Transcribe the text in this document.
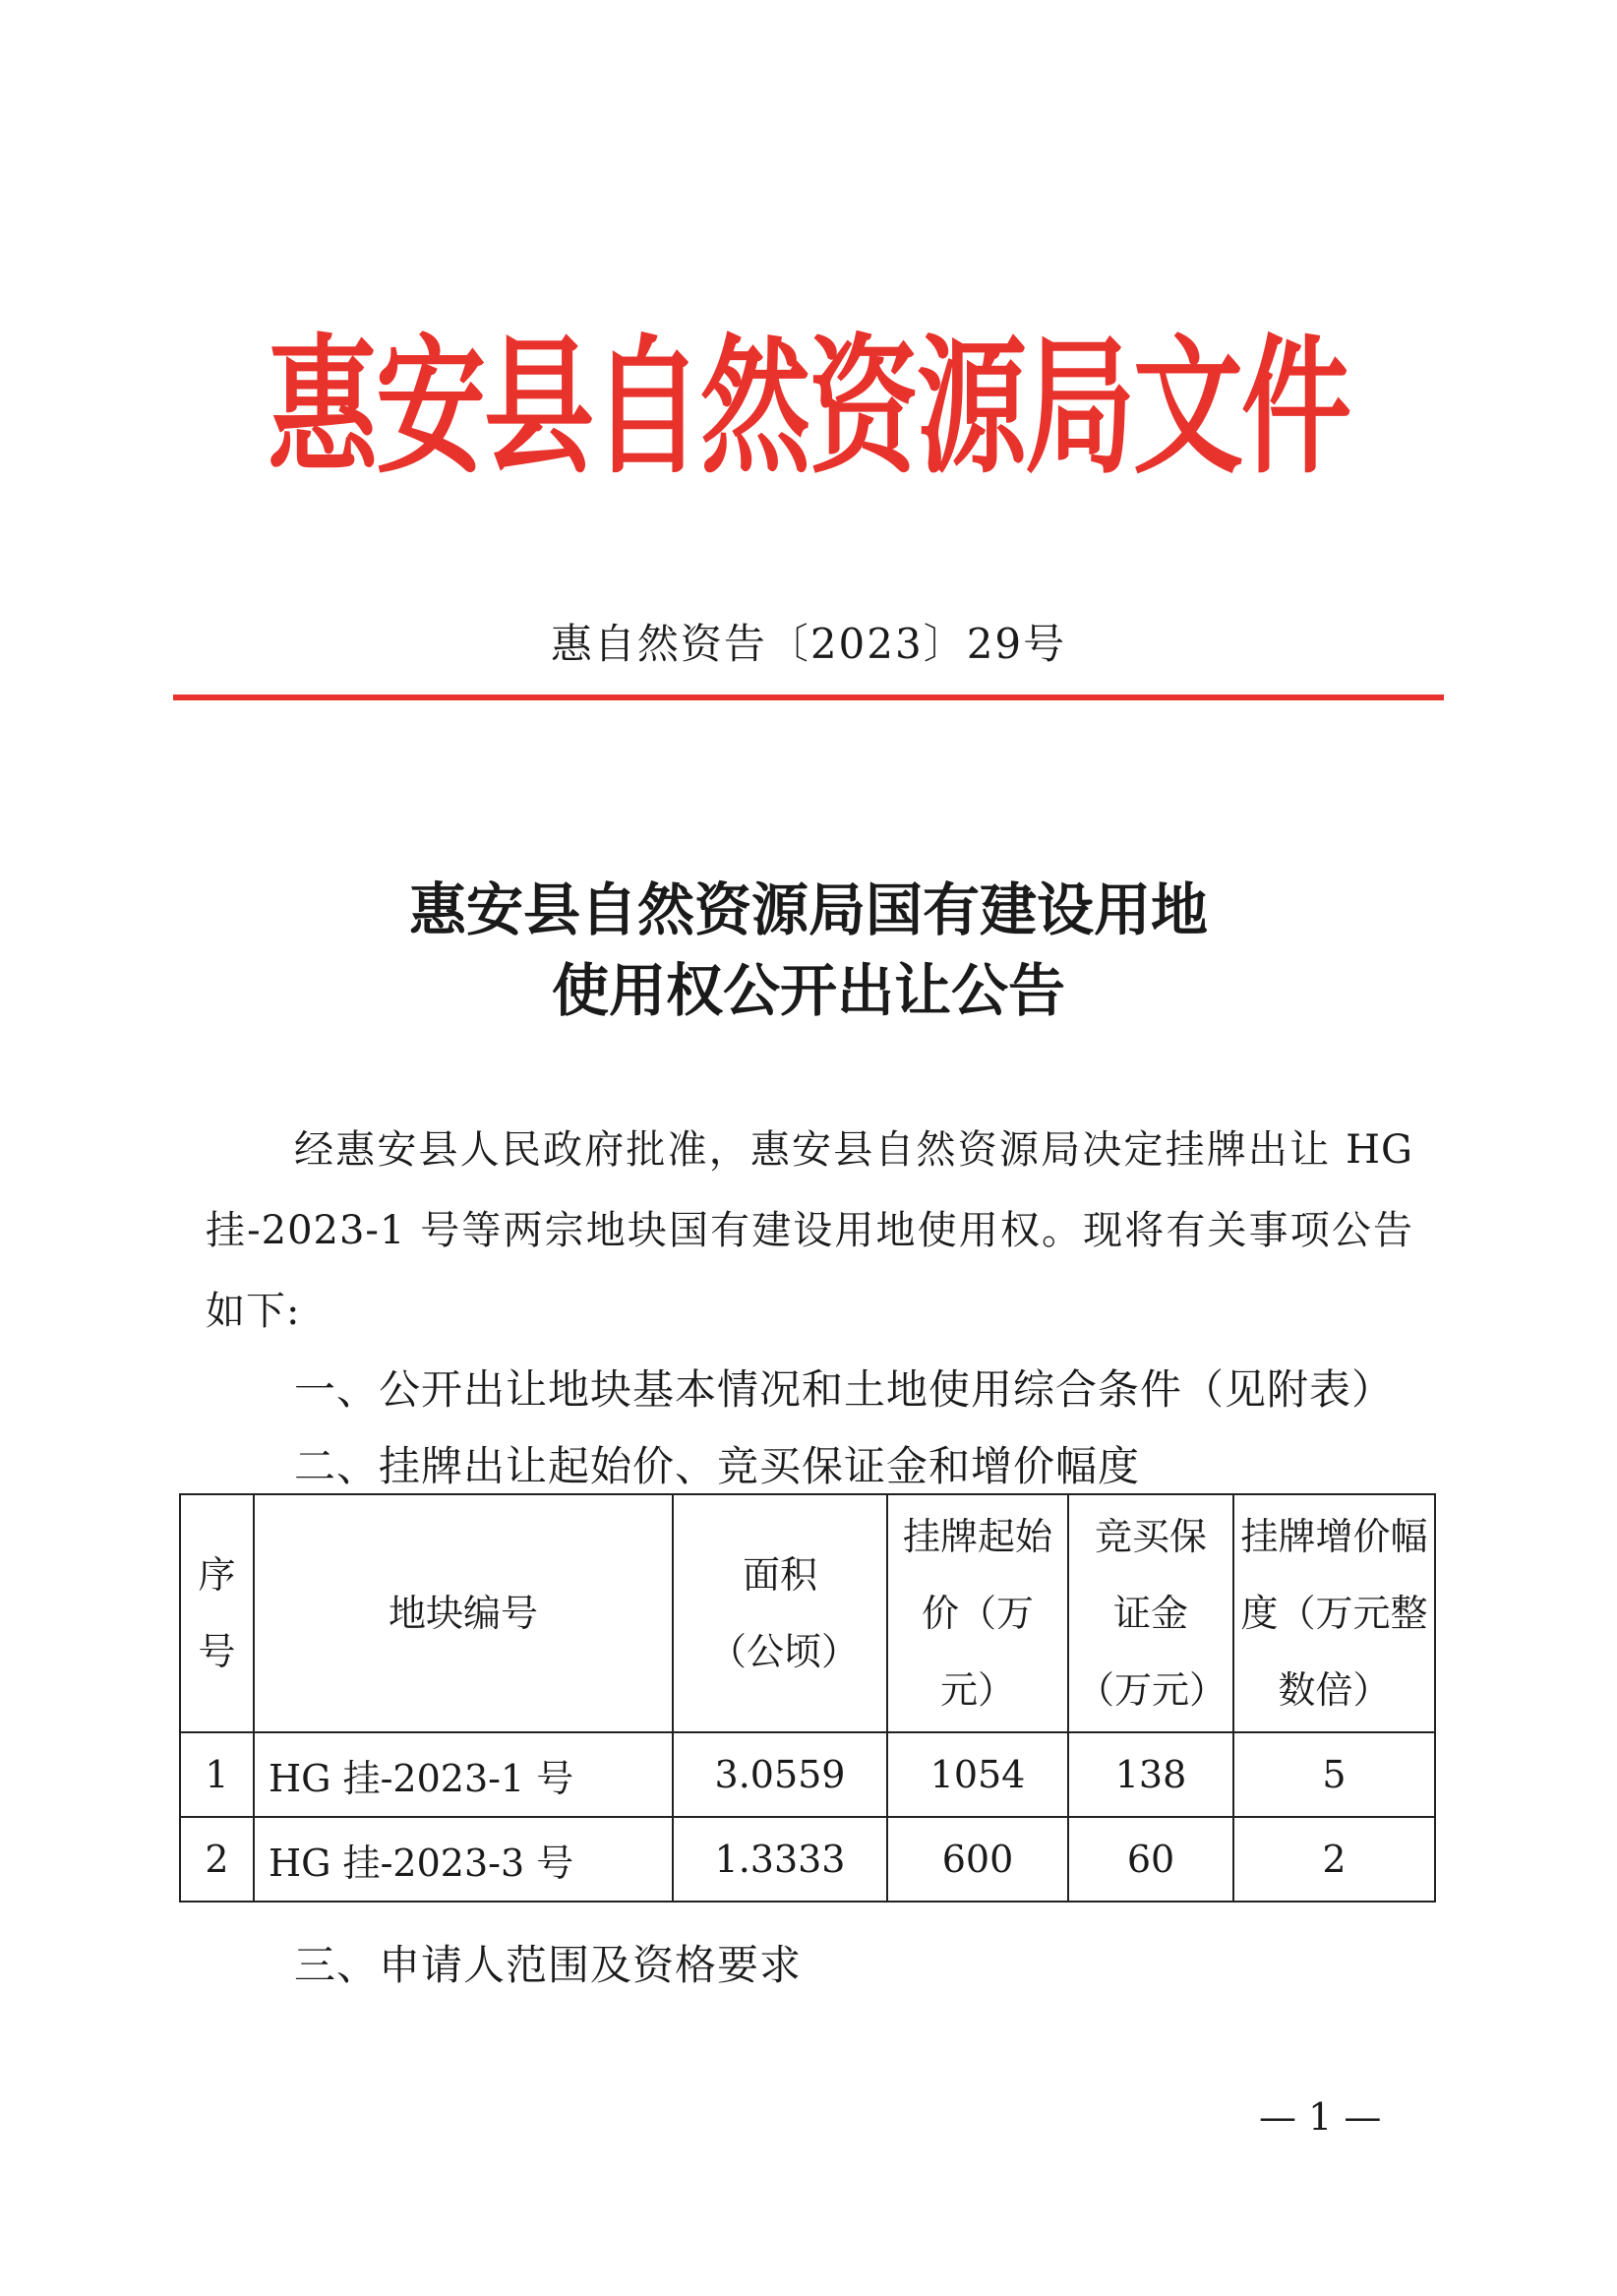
惠安县自然资源局文件
惠自然资告〔2023〕29号
惠安县自然资源局国有建设用地
使用权公开出让公告
经惠安县人民政府批准，惠安县自然资源局决定挂牌出让 HG 挂-2023-1 号等两宗地块国有建设用地使用权。现将有关事项公告如下:
一、公开出让地块基本情况和土地使用综合条件（见附表）
二、挂牌出让起始价、竞买保证金和增价幅度
序号	地块编号	面积（公顷）	挂牌起始价（万元）	竞买保证金（万元）	挂牌增价幅度（万元整数倍）
1	HG 挂-2023-1 号	3.0559	1054	138	5
2	HG 挂-2023-3 号	1.3333	600	60	2
三、申请人范围及资格要求
— 1 —
